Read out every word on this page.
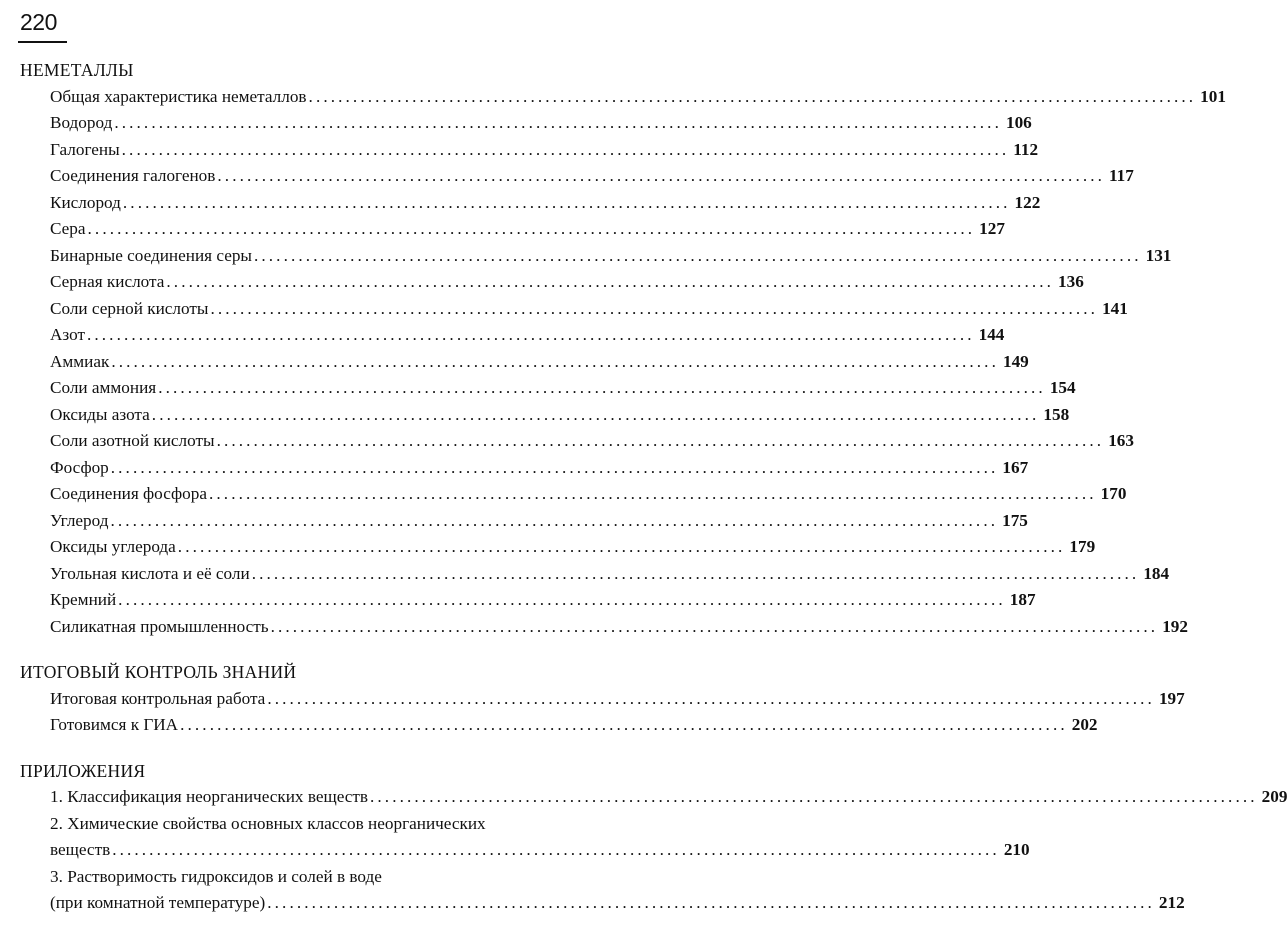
220
НЕМЕТАЛЛЫ
Общая характеристика неметаллов ........................................................................................................................ 101
Водород ........................................................................................................................ 106
Галогены ........................................................................................................................ 112
Соединения галогенов ........................................................................................................................ 117
Кислород ........................................................................................................................ 122
Сера ........................................................................................................................ 127
Бинарные соединения серы ........................................................................................................................ 131
Серная кислота ........................................................................................................................ 136
Соли серной кислоты ........................................................................................................................ 141
Азот ........................................................................................................................ 144
Аммиак ........................................................................................................................ 149
Соли аммония ........................................................................................................................ 154
Оксиды азота ........................................................................................................................ 158
Соли азотной кислоты ........................................................................................................................ 163
Фосфор ........................................................................................................................ 167
Соединения фосфора ........................................................................................................................ 170
Углерод ........................................................................................................................ 175
Оксиды углерода ........................................................................................................................ 179
Угольная кислота и её соли ........................................................................................................................ 184
Кремний ........................................................................................................................ 187
Силикатная промышленность ........................................................................................................................ 192
ИТОГОВЫЙ КОНТРОЛЬ ЗНАНИЙ
Итоговая контрольная работа ........................................................................................................................ 197
Готовимся к ГИА ........................................................................................................................ 202
ПРИЛОЖЕНИЯ
1. Классификация неорганических веществ ........................................................................................................................ 209
2. Химические свойства основных классов неорганических
веществ ........................................................................................................................ 210
3. Растворимость гидроксидов и солей в воде
(при комнатной температуре) ........................................................................................................................ 212
